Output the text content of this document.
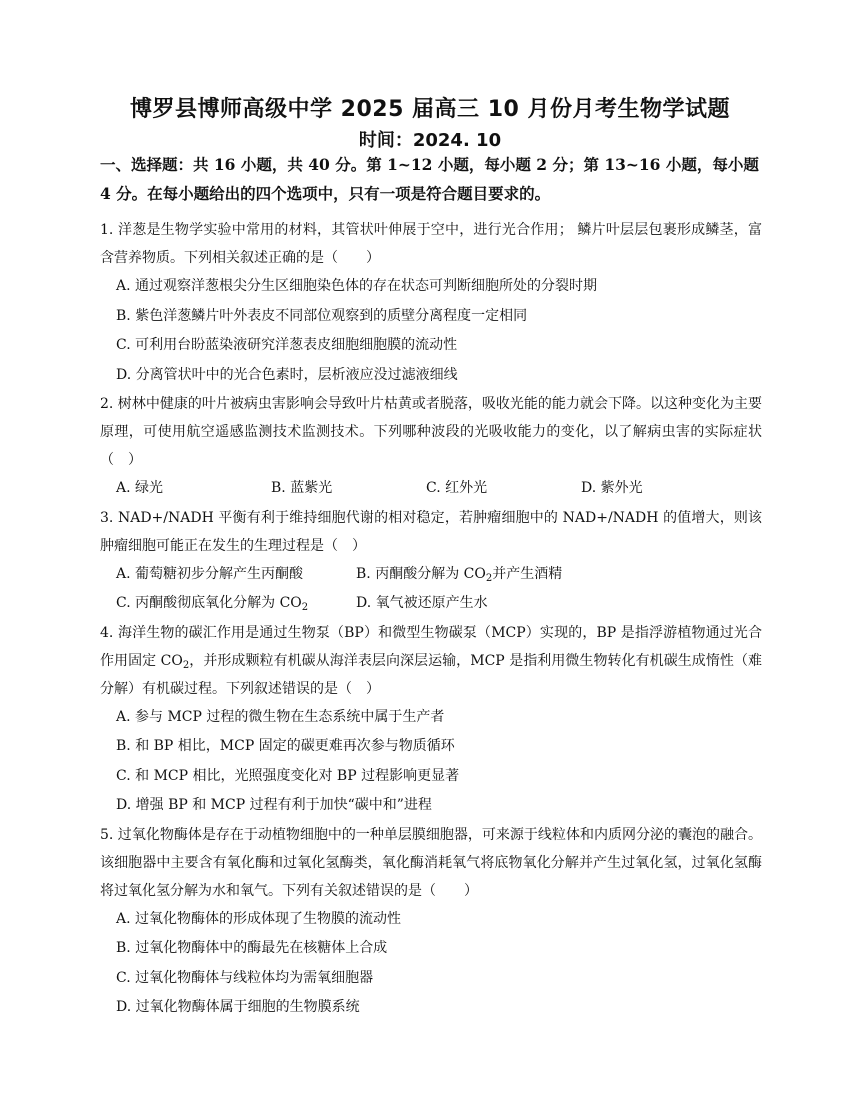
博罗县博师高级中学 2025 届高三 10 月份月考生物学试题
时间：2024. 10
一、选择题：共 16 小题，共 40 分。第 1~12 小题，每小题 2 分；第 13~16 小题，每小题 4 分。在每小题给出的四个选项中，只有一项是符合题目要求的。
1. 洋葱是生物学实验中常用的材料，其管状叶伸展于空中，进行光合作用； 鳞片叶层层包裹形成鳞茎，富含营养物质。下列相关叙述正确的是（　　）
A. 通过观察洋葱根尖分生区细胞染色体的存在状态可判断细胞所处的分裂时期
B. 紫色洋葱鳞片叶外表皮不同部位观察到的质壁分离程度一定相同
C. 可利用台盼蓝染液研究洋葱表皮细胞细胞膜的流动性
D. 分离管状叶中的光合色素时，层析液应没过滤液细线
2. 树林中健康的叶片被病虫害影响会导致叶片枯黄或者脱落，吸收光能的能力就会下降。以这种变化为主要原理，可使用航空遥感监测技术监测技术。下列哪种波段的光吸收能力的变化，以了解病虫害的实际症状（　）
A. 绿光	B. 蓝紫光	C. 红外光	D. 紫外光
3. NAD+/NADH 平衡有利于维持细胞代谢的相对稳定，若肿瘤细胞中的 NAD+/NADH 的值增大，则该肿瘤细胞可能正在发生的生理过程是（　）
A. 葡萄糖初步分解产生丙酮酸	B. 丙酮酸分解为 $CO_2$并产生酒精
C. 丙酮酸彻底氧化分解为 $CO_2$	D. 氧气被还原产生水
4. 海洋生物的碳汇作用是通过生物泵（BP）和微型生物碳泵（MCP）实现的，BP 是指浮游植物通过光合作用固定 $CO_2$，并形成颗粒有机碳从海洋表层向深层运输，MCP 是指利用微生物转化有机碳生成惰性（难分解）有机碳过程。下列叙述错误的是（　）
A. 参与 MCP 过程的微生物在生态系统中属于生产者
B. 和 BP 相比，MCP 固定的碳更难再次参与物质循环
C. 和 MCP 相比，光照强度变化对 BP 过程影响更显著
D. 增强 BP 和 MCP 过程有利于加快“碳中和”进程
5. 过氧化物酶体是存在于动植物细胞中的一种单层膜细胞器，可来源于线粒体和内质网分泌的囊泡的融合。该细胞器中主要含有氧化酶和过氧化氢酶类，氧化酶消耗氧气将底物氧化分解并产生过氧化氢，过氧化氢酶将过氧化氢分解为水和氧气。下列有关叙述错误的是（　　）
A. 过氧化物酶体的形成体现了生物膜的流动性
B. 过氧化物酶体中的酶最先在核糖体上合成
C. 过氧化物酶体与线粒体均为需氧细胞器
D. 过氧化物酶体属于细胞的生物膜系统
